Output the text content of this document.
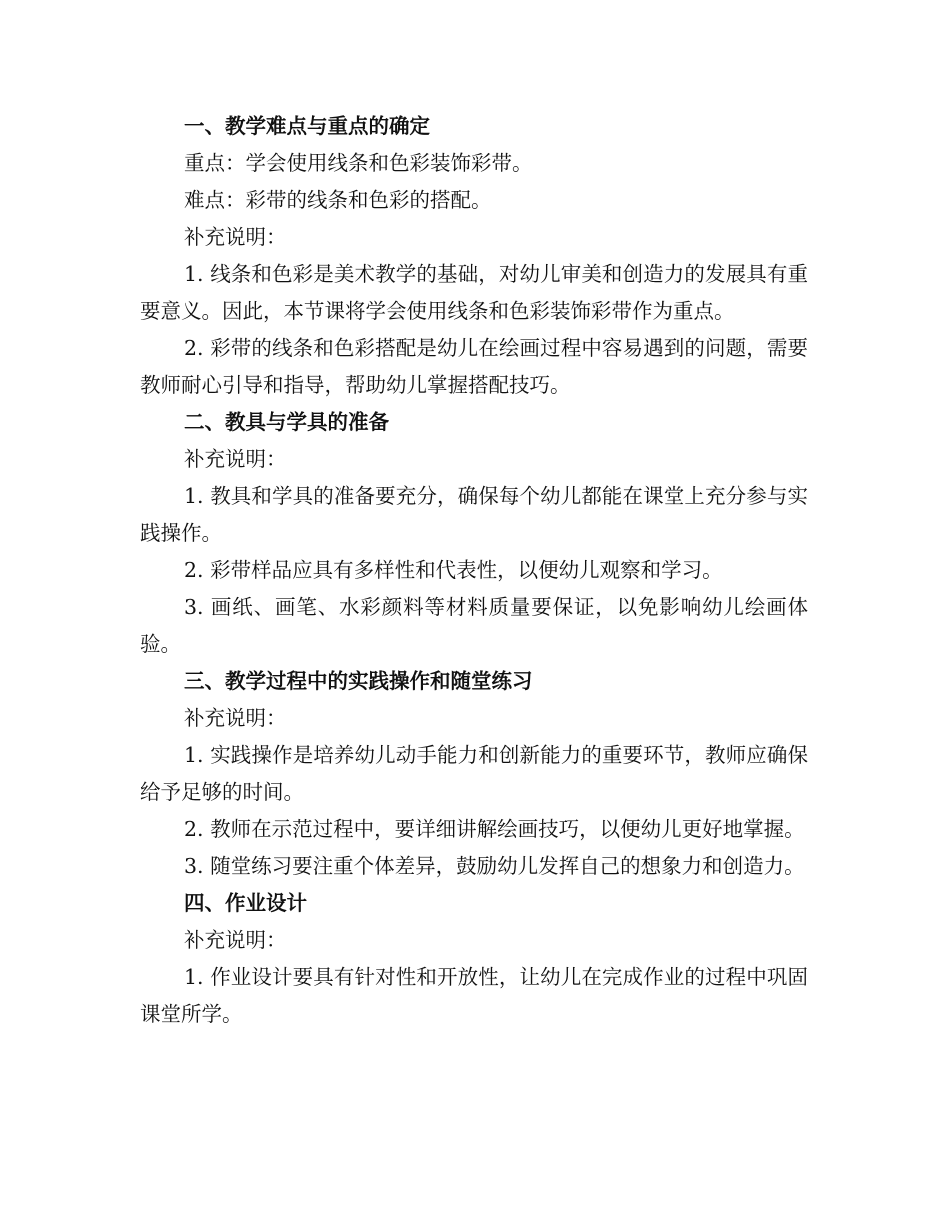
一、教学难点与重点的确定

重点：学会使用线条和色彩装饰彩带。

难点：彩带的线条和色彩的搭配。

补充说明：

1. 线条和色彩是美术教学的基础，对幼儿审美和创造力的发展具有重要意义。因此，本节课将学会使用线条和色彩装饰彩带作为重点。

2. 彩带的线条和色彩搭配是幼儿在绘画过程中容易遇到的问题，需要教师耐心引导和指导，帮助幼儿掌握搭配技巧。

二、教具与学具的准备

补充说明：

1. 教具和学具的准备要充分，确保每个幼儿都能在课堂上充分参与实践操作。

2. 彩带样品应具有多样性和代表性，以便幼儿观察和学习。

3. 画纸、画笔、水彩颜料等材料质量要保证，以免影响幼儿绘画体验。

三、教学过程中的实践操作和随堂练习

补充说明：

1. 实践操作是培养幼儿动手能力和创新能力的重要环节，教师应确保给予足够的时间。

2. 教师在示范过程中，要详细讲解绘画技巧，以便幼儿更好地掌握。

3. 随堂练习要注重个体差异，鼓励幼儿发挥自己的想象力和创造力。

四、作业设计

补充说明：

1. 作业设计要具有针对性和开放性，让幼儿在完成作业的过程中巩固课堂所学。
